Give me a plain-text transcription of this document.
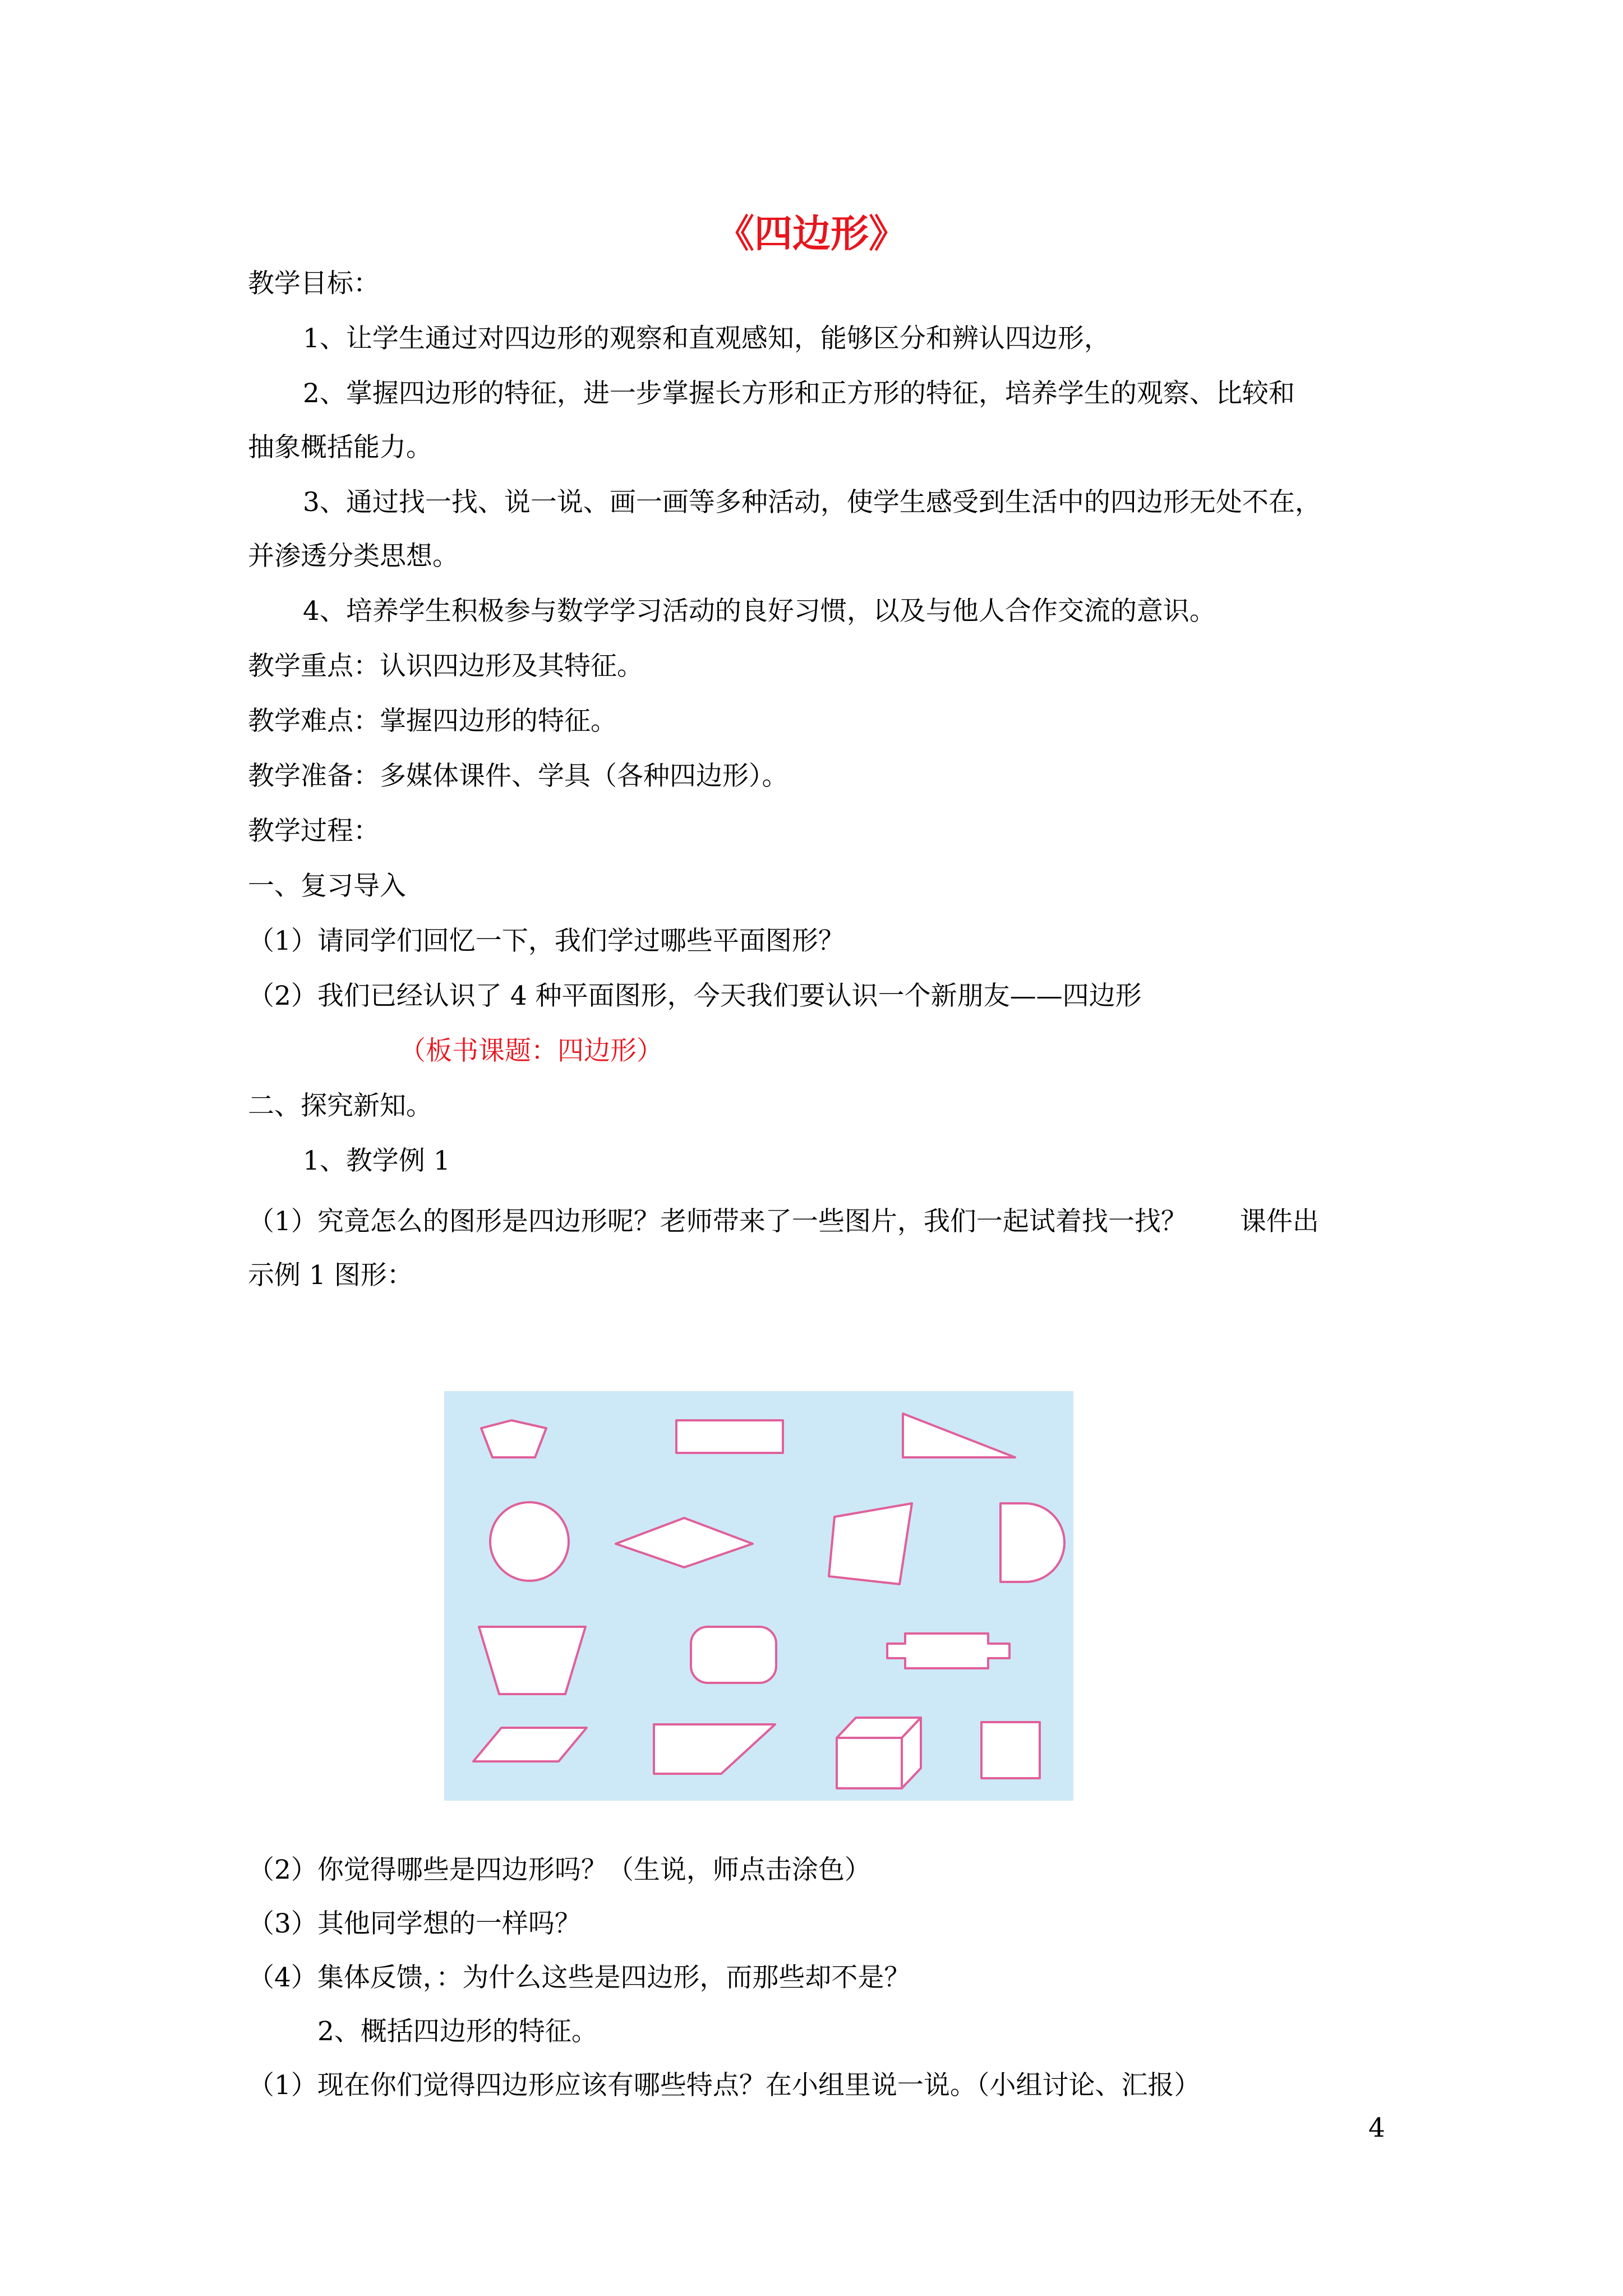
《四边形》
教学目标：
1、让学生通过对四边形的观察和直观感知，能够区分和辨认四边形，
2、掌握四边形的特征，进一步掌握长方形和正方形的特征，培养学生的观察、比较和
抽象概括能力。
3、通过找一找、说一说、画一画等多种活动，使学生感受到生活中的四边形无处不在，
并渗透分类思想。
4、培养学生积极参与数学学习活动的良好习惯，以及与他人合作交流的意识。
教学重点：认识四边形及其特征。
教学难点：掌握四边形的特征。
教学准备：多媒体课件、学具（各种四边形）。
教学过程：
一、复习导入
（1）请同学们回忆一下，我们学过哪些平面图形？
（2）我们已经认识了 4 种平面图形，今天我们要认识一个新朋友——四边形
（板书课题：四边形）
二、探究新知。
1、教学例 1
（1）究竟怎么的图形是四边形呢？老师带来了一些图片，我们一起试着找一找？　　课件出
示例 1 图形：
（2）你觉得哪些是四边形吗？（生说，师点击涂色）
（3）其他同学想的一样吗？
（4）集体反馈，：为什么这些是四边形，而那些却不是？
2、概括四边形的特征。
（1）现在你们觉得四边形应该有哪些特点？在小组里说一说。（小组讨论、汇报）
4
